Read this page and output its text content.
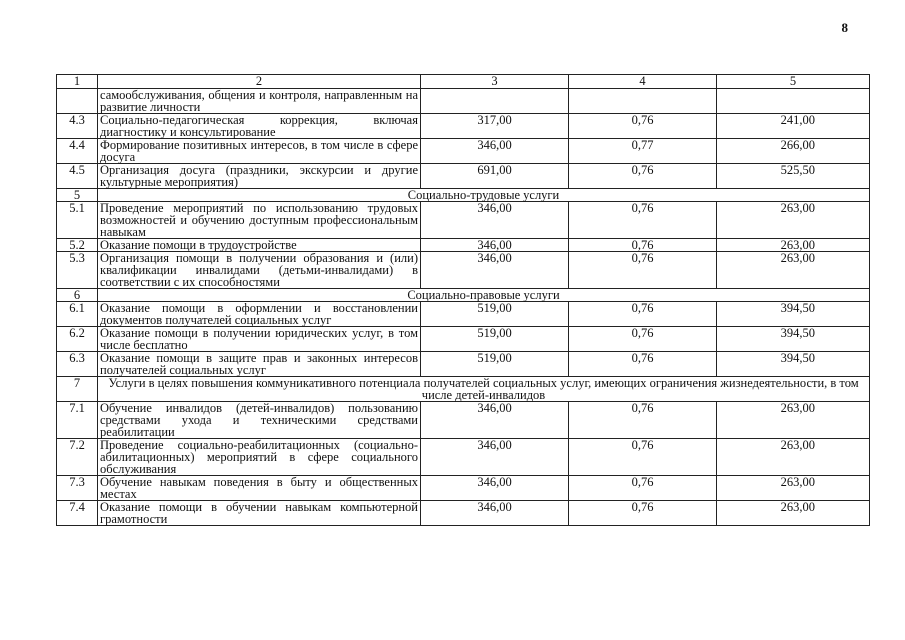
8
1	2	3	4	5
	самообслуживания, общения и контроля, направленным на развитие личности			
4.3	Социально-педагогическая коррекция, включая диагностику и консультирование	317,00	0,76	241,00
4.4	Формирование позитивных интересов, в том числе в сфере досуга	346,00	0,77	266,00
4.5	Организация досуга (праздники, экскурсии и другие культурные мероприятия)	691,00	0,76	525,50
5	Социально-трудовые услуги			
5.1	Проведение мероприятий по использованию трудовых возможностей и обучению доступным профессиональным навыкам	346,00	0,76	263,00
5.2	Оказание помощи в трудоустройстве	346,00	0,76	263,00
5.3	Организация помощи в получении образования и (или) квалификации инвалидами (детьми-инвалидами) в соответствии с их способностями	346,00	0,76	263,00
6	Социально-правовые услуги			
6.1	Оказание помощи в оформлении и восстановлении документов получателей социальных услуг	519,00	0,76	394,50
6.2	Оказание помощи в получении юридических услуг, в том числе бесплатно	519,00	0,76	394,50
6.3	Оказание помощи в защите прав и законных интересов получателей социальных услуг	519,00	0,76	394,50
7	Услуги в целях повышения коммуникативного потенциала получателей социальных услуг, имеющих ограничения жизнедеятельности, в том числе детей-инвалидов			
7.1	Обучение инвалидов (детей-инвалидов) пользованию средствами ухода и техническими средствами реабилитации	346,00	0,76	263,00
7.2	Проведение социально-реабилитационных (социально-абилитационных) мероприятий в сфере социального обслуживания	346,00	0,76	263,00
7.3	Обучение навыкам поведения в быту и общественных местах	346,00	0,76	263,00
7.4	Оказание помощи в обучении навыкам компьютерной грамотности	346,00	0,76	263,00
